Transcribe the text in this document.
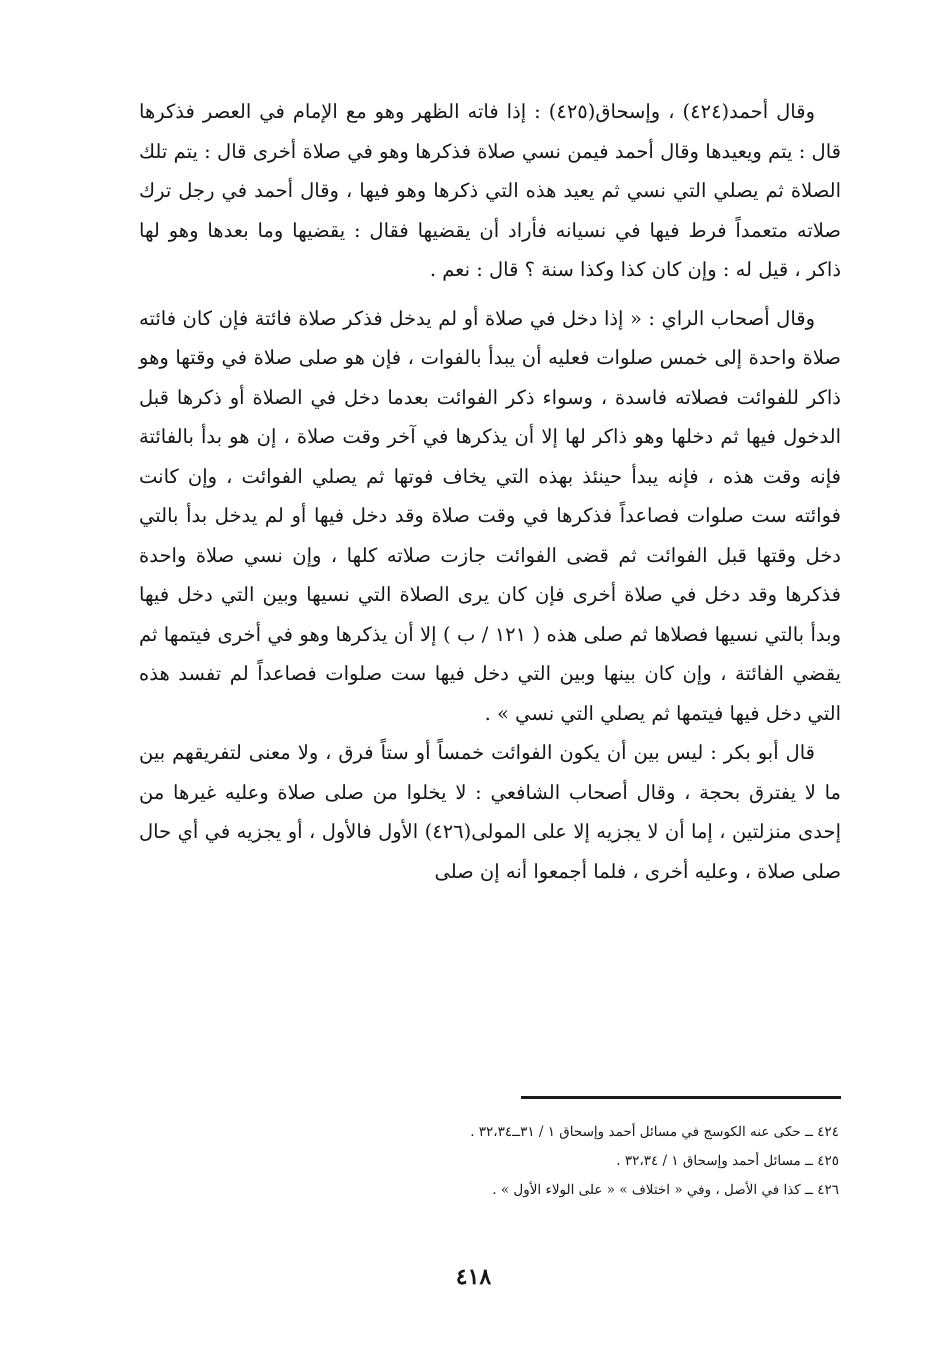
وقال أحمد(٤٢٤) ، وإسحاق(٤٢٥) : إذا فاته الظهر وهو مع الإمام في العصر فذكرها قال : يتم ويعيدها وقال أحمد فيمن نسي صلاة فذكرها وهو في صلاة أخرى قال : يتم تلك الصلاة ثم يصلي التي نسي ثم يعيد هذه التي ذكرها وهو فيها ، وقال أحمد في رجل ترك صلاته متعمداً فرط فيها في نسيانه فأراد أن يقضيها فقال : يقضيها وما بعدها وهو لها ذاكر ، قيل له : وإن كان كذا وكذا سنة ؟ قال : نعم .

وقال أصحاب الراي : « إذا دخل في صلاة أو لم يدخل فذكر صلاة فائتة فإن كان فائته صلاة واحدة إلى خمس صلوات فعليه أن يبدأ بالفوات ، فإن هو صلى صلاة في وقتها وهو ذاكر للفوائت فصلاته فاسدة ، وسواء ذكر الفوائت بعدما دخل في الصلاة أو ذكرها قبل الدخول فيها ثم دخلها وهو ذاكر لها إلا أن يذكرها في آخر وقت صلاة ، إن هو بدأ بالفائتة فإنه وقت هذه ، فإنه يبدأ حينئذ بهذه التي يخاف فوتها ثم يصلي الفوائت ، وإن كانت فوائته ست صلوات فصاعداً فذكرها في وقت صلاة وقد دخل فيها أو لم يدخل بدأ بالتي دخل وقتها قبل الفوائت ثم قضى الفوائت جازت صلاته كلها ، وإن نسي صلاة واحدة فذكرها وقد دخل في صلاة أخرى فإن كان يرى الصلاة التي نسيها وبين التي دخل فيها وبدأ بالتي نسيها فصلاها ثم صلى هذه ( ١٢١ / ب ) إلا أن يذكرها وهو في أخرى فيتمها ثم يقضي الفائتة ، وإن كان بينها وبين التي دخل فيها ست صلوات فصاعداً لم تفسد هذه التي دخل فيها فيتمها ثم يصلي التي نسي » .

قال أبو بكر : ليس بين أن يكون الفوائت خمساً أو ستاً فرق ، ولا معنى لتفريقهم بين ما لا يفترق بحجة ، وقال أصحاب الشافعي : لا يخلوا من صلى صلاة وعليه غيرها من إحدى منزلتين ، إما أن لا يجزيه إلا على المولى(٤٢٦) الأول فالأول ، أو يجزيه في أي حال صلى صلاة ، وعليه أخرى ، فلما أجمعوا أنه إن صلى

٤٢٤ ــ حكى عنه الكوسج في مسائل أحمد وإسحاق ١ / ٣١ــ٣٢،٣٤ .

٤٢٥ ــ مسائل أحمد وإسحاق ١ / ٣٢،٣٤ .

٤٢٦ ــ كذا في الأصل ، وفي « اختلاف » « على الولاء الأول » .

٤١٨
